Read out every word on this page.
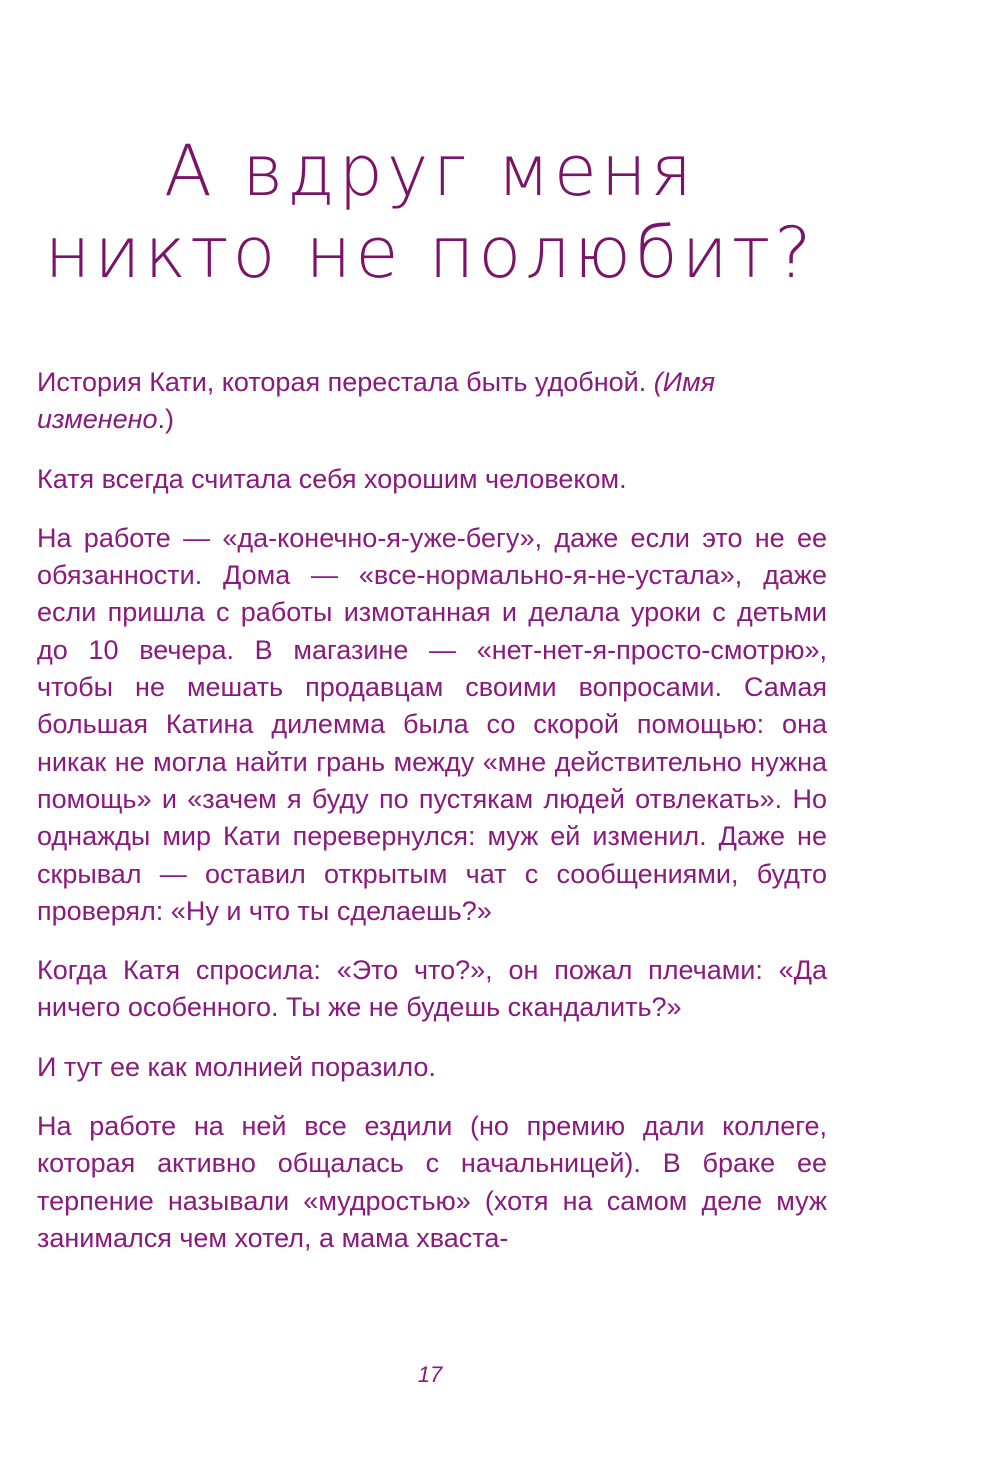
А вдруг меня
никто не полюбит?

История Кати, которая перестала быть удобной. (Имя изменено.)

Катя всегда считала себя хорошим человеком.

На работе — «да-конечно-я-уже-бегу», даже если это не ее обязанности. Дома — «все-нормально-я-не-устала», даже если пришла с работы измотанная и делала уроки с детьми до 10 вечера. В магазине — «нет-нет-я-просто-смотрю», чтобы не мешать продавцам своими вопросами. Самая большая Катина дилемма была со скорой помощью: она никак не могла найти грань между «мне действительно нужна помощь» и «зачем я буду по пустякам людей отвлекать». Но однажды мир Кати перевернулся: муж ей изменил. Даже не скрывал — оставил открытым чат с сообщениями, будто проверял: «Ну и что ты сделаешь?»

Когда Катя спросила: «Это что?», он пожал плечами: «Да ничего особенного. Ты же не будешь скандалить?»

И тут ее как молнией поразило.

На работе на ней все ездили (но премию дали коллеге, которая активно общалась с начальницей). В браке ее терпение называли «мудростью» (хотя на самом деле муж занимался чем хотел, а мама хваста-

17
